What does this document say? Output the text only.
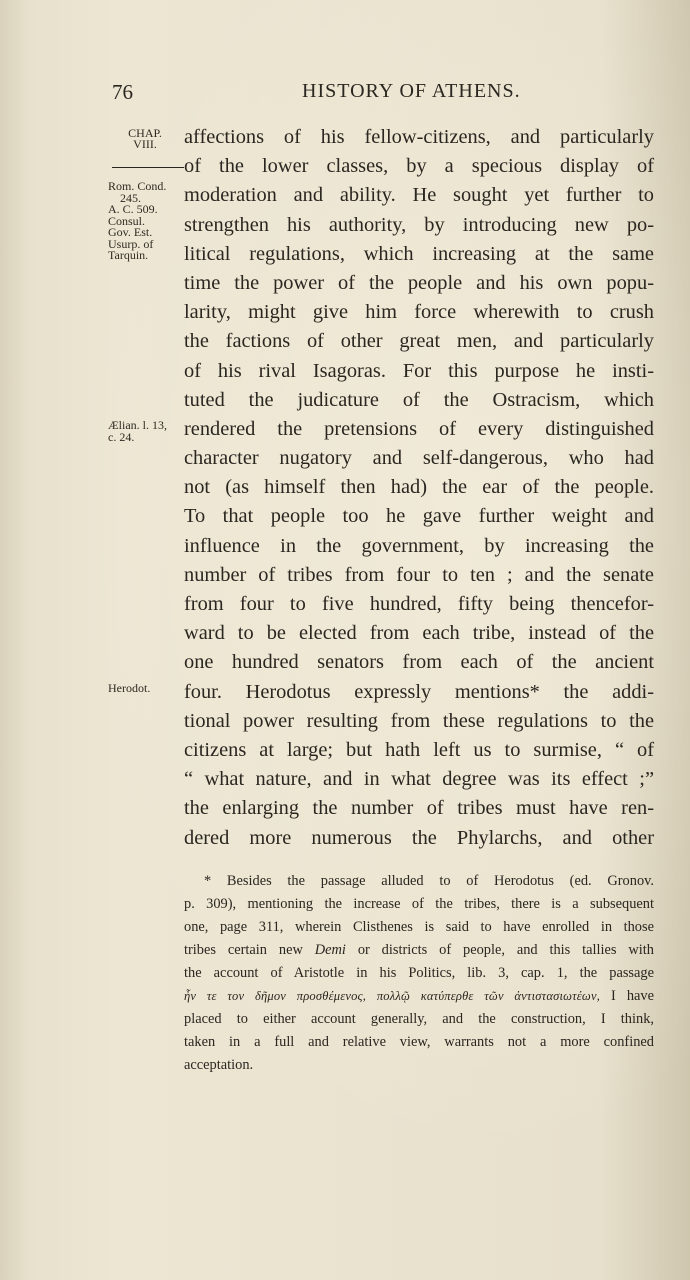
76	HISTORY OF ATHENS.
CHAP.
VIII.
Rom. Cond.
245.
A. C. 509.
Consul.
Gov. Est.
Usurp. of
Tarquin.
Ælian. l. 13,
c. 24.
Herodot.
affections of his fellow-citizens, and particularly
of the lower classes, by a specious display of
moderation and ability. He sought yet further to
strengthen his authority, by introducing new po-
litical regulations, which increasing at the same
time the power of the people and his own popu-
larity, might give him force wherewith to crush
the factions of other great men, and particularly
of his rival Isagoras. For this purpose he insti-
tuted the judicature of the Ostracism, which
rendered the pretensions of every distinguished
character nugatory and self-dangerous, who had
not (as himself then had) the ear of the people.
To that people too he gave further weight and
influence in the government, by increasing the
number of tribes from four to ten ; and the senate
from four to five hundred, fifty being thencefor-
ward to be elected from each tribe, instead of the
one hundred senators from each of the ancient
four. Herodotus expressly mentions* the addi-
tional power resulting from these regulations to the
citizens at large; but hath left us to surmise, “ of
“ what nature, and in what degree was its effect ;”
the enlarging the number of tribes must have ren-
dered more numerous the Phylarchs, and other
* Besides the passage alluded to of Herodotus (ed. Gronov.
p. 309), mentioning the increase of the tribes, there is a subsequent
one, page 311, wherein Clisthenes is said to have enrolled in those
tribes certain new Demi or districts of people, and this tallies with
the account of Aristotle in his Politics, lib. 3, cap. 1, the passage
ἦν τε τον δῆμον προσθέμενος, πολλῷ κατύπερθε τῶν ἀντιστασιωτέων, I have
placed to either account generally, and the construction, I think,
taken in a full and relative view, warrants not a more confined
acceptation.
